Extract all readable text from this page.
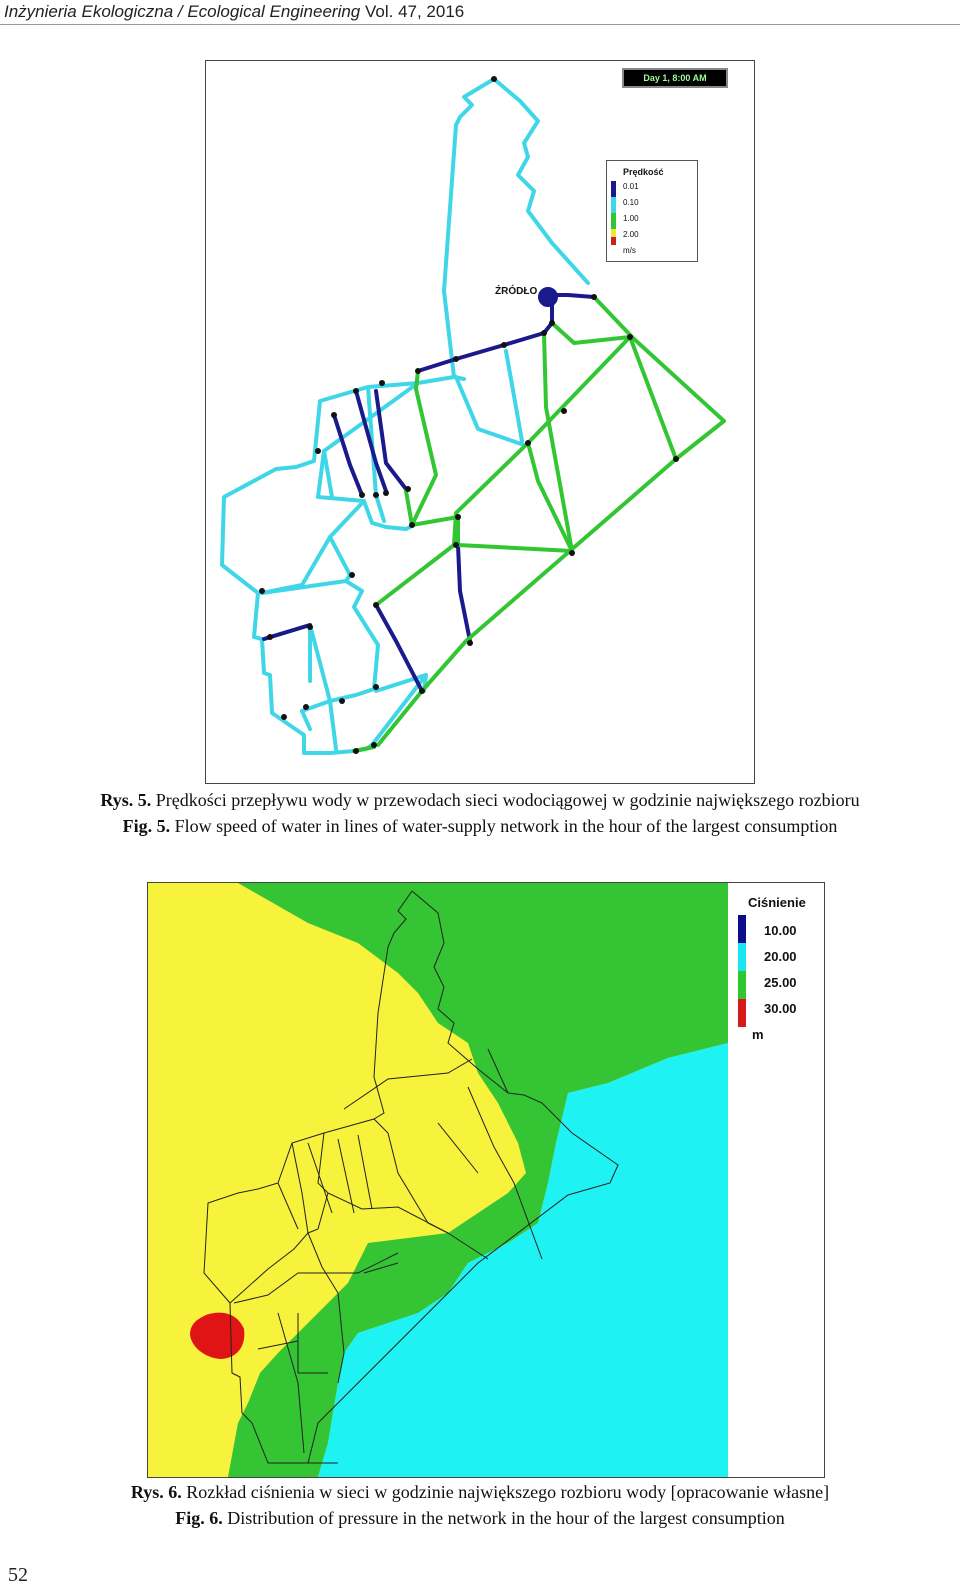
Inżynieria Ekologiczna / Ecological Engineering Vol. 47, 2016
Day 1, 8:00 AM
ŹRÓDŁO
Prędkość
0.01
0.10
1.00
2.00
m/s
Rys. 5. Prędkości przepływu wody w przewodach sieci wodociągowej w godzinie największego rozbioru
Fig. 5. Flow speed of water in lines of water-supply network in the hour of the largest consumption
Ciśnienie
10.00
20.00
25.00
30.00
m
Rys. 6. Rozkład ciśnienia w sieci w godzinie największego rozbioru wody [opracowanie własne]
Fig. 6. Distribution of pressure in the network in the hour of the largest consumption
52
